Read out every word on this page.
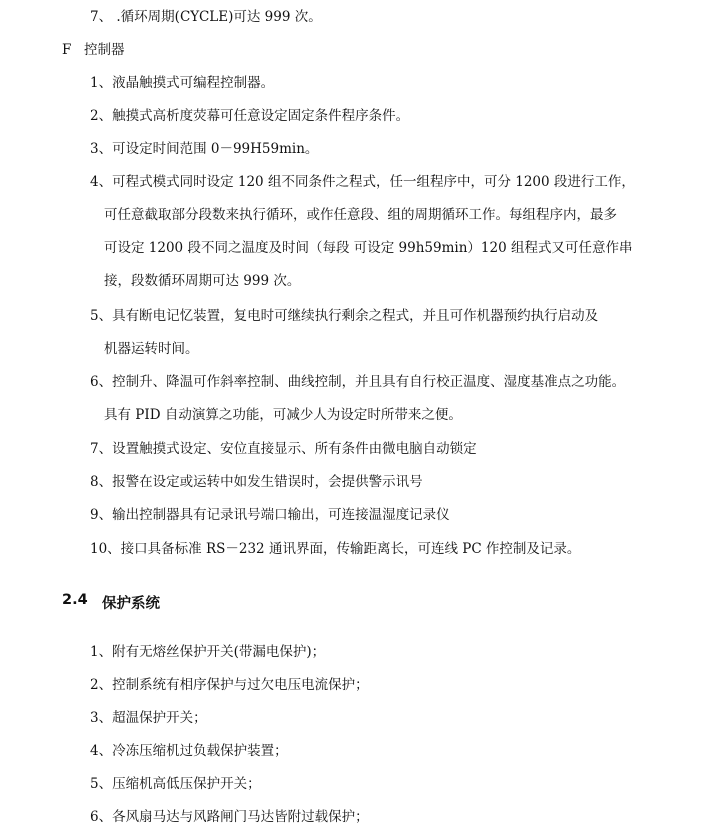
7、 .循环周期(CYCLE)可达 999 次。
F 控制器
1、液晶触摸式可编程控制器。
2、触摸式高析度荧幕可任意设定固定条件程序条件。
3、可设定时间范围 0－99H59min。
4、可程式模式同时设定 120 组不同条件之程式，任一组程序中，可分 1200 段进行工作，
可任意截取部分段数来执行循环，或作任意段、组的周期循环工作。每组程序内，最多
可设定 1200 段不同之温度及时间（每段 可设定 99h59min）120 组程式又可任意作串
接，段数循环周期可达 999 次。
5、具有断电记忆装置，复电时可继续执行剩余之程式，并且可作机器预约执行启动及
机器运转时间。
6、控制升、降温可作斜率控制、曲线控制，并且具有自行校正温度、湿度基准点之功能。
具有 PID 自动演算之功能，可减少人为设定时所带来之便。
7、设置触摸式设定、安位直接显示、所有条件由微电脑自动锁定
8、报警在设定或运转中如发生错误时，会提供警示讯号
9、输出控制器具有记录讯号端口输出，可连接温湿度记录仪
10、接口具备标准 RS－232 通讯界面，传输距离长，可连线 PC 作控制及记录。
2.4 保护系统
1、附有无熔丝保护开关(带漏电保护)；
2、控制系统有相序保护与过欠电压电流保护；
3、超温保护开关；
4、冷冻压缩机过负载保护装置；
5、压缩机高低压保护开关；
6、各风扇马达与风路闸门马达皆附过载保护；
